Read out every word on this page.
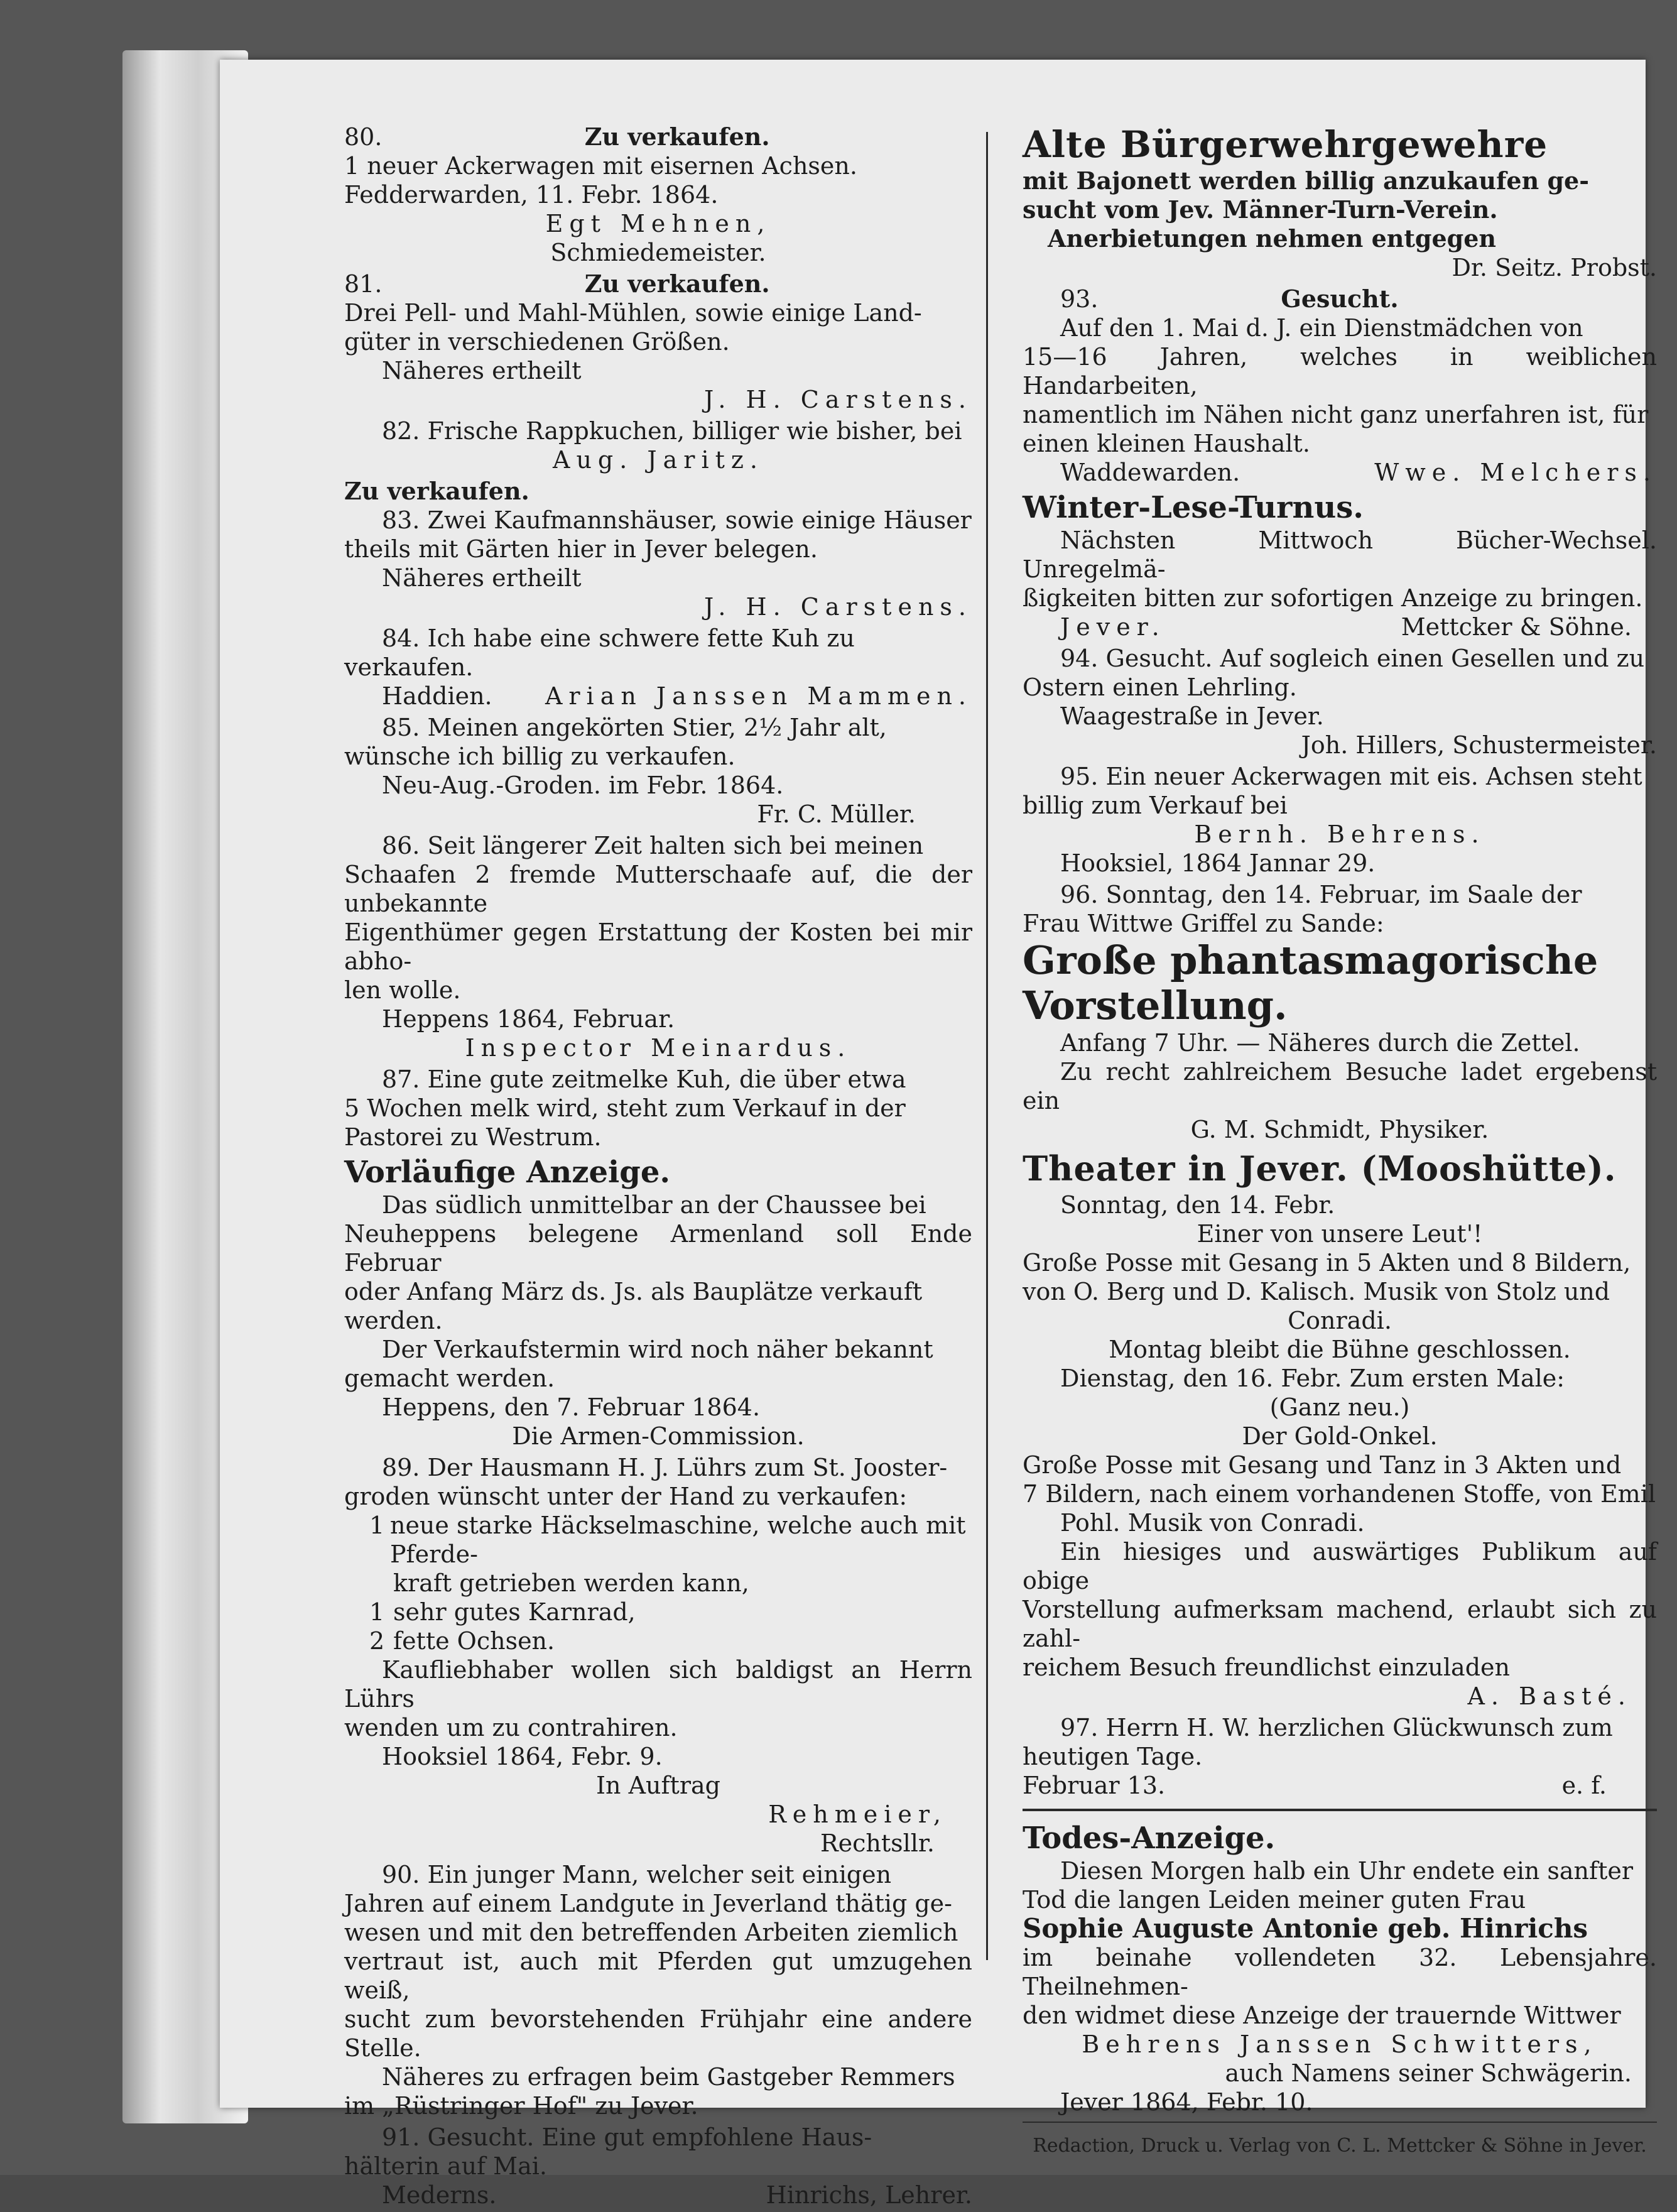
80.	Zu verkaufen.
1 neuer Ackerwagen mit eisernen Achsen.
Fedderwarden, 11. Febr. 1864.
Egt Mehnen,
Schmiedemeister.
81.	Zu verkaufen.
Drei Pell- und Mahl-Mühlen, sowie einige Land-
güter in verschiedenen Größen.
Näheres ertheilt
J. H. Carstens.
82. Frische Rappkuchen, billiger wie bisher, bei
Aug. Jaritz.
Zu verkaufen.
83. Zwei Kaufmannshäuser, sowie einige Häuser
theils mit Gärten hier in Jever belegen.
Näheres ertheilt
J. H. Carstens.
84. Ich habe eine schwere fette Kuh zu
verkaufen.
Haddien. Arian Janssen Mammen.
85. Meinen angekörten Stier, 2½ Jahr alt,
wünsche ich billig zu verkaufen.
Neu-Aug.-Groden. im Febr. 1864.
Fr. C. Müller.
86. Seit längerer Zeit halten sich bei meinen
Schaafen 2 fremde Mutterschaafe auf, die der unbekannte
Eigenthümer gegen Erstattung der Kosten bei mir abho-
len wolle.
Heppens 1864, Februar.
Inspector Meinardus.
87. Eine gute zeitmelke Kuh, die über etwa
5 Wochen melk wird, steht zum Verkauf in der
Pastorei zu Westrum.
Vorläufige Anzeige.
Das südlich unmittelbar an der Chaussee bei
Neuheppens belegene Armenland soll Ende Februar
oder Anfang März ds. Js. als Bauplätze verkauft
werden.
Der Verkaufstermin wird noch näher bekannt
gemacht werden.
Heppens, den 7. Februar 1864.
Die Armen-Commission.
89. Der Hausmann H. J. Lührs zum St. Jooster-
groden wünscht unter der Hand zu verkaufen:
1 neue starke Häckselmaschine, welche auch mit Pferde-
kraft getrieben werden kann,
1 sehr gutes Karnrad,
2 fette Ochsen.
Kaufliebhaber wollen sich baldigst an Herrn Lührs
wenden um zu contrahiren.
Hooksiel 1864, Febr. 9.
In Auftrag
Rehmeier,
Rechtsllr.
90. Ein junger Mann, welcher seit einigen
Jahren auf einem Landgute in Jeverland thätig ge-
wesen und mit den betreffenden Arbeiten ziemlich
vertraut ist, auch mit Pferden gut umzugehen weiß,
sucht zum bevorstehenden Frühjahr eine andere Stelle.
Näheres zu erfragen beim Gastgeber Remmers
im „Rüstringer Hof" zu Jever.
91. Gesucht. Eine gut empfohlene Haus-
hälterin auf Mai.
Mederns.	Hinrichs, Lehrer.
Alte Bürgerwehrgewehre
mit Bajonett werden billig anzukaufen ge-
sucht vom Jev. Männer-Turn-Verein.
Anerbietungen nehmen entgegen
Dr. Seitz. Probst.
93.	Gesucht.
Auf den 1. Mai d. J. ein Dienstmädchen von
15—16 Jahren, welches in weiblichen Handarbeiten,
namentlich im Nähen nicht ganz unerfahren ist, für
einen kleinen Haushalt.
Waddewarden.	Wwe. Melchers.
Winter-Lese-Turnus.
Nächsten Mittwoch Bücher-Wechsel. Unregelmä-
ßigkeiten bitten zur sofortigen Anzeige zu bringen.
Jever.	Mettcker & Söhne.
94. Gesucht. Auf sogleich einen Gesellen und zu
Ostern einen Lehrling.
Waagestraße in Jever.
Joh. Hillers, Schustermeister.
95. Ein neuer Ackerwagen mit eis. Achsen steht
billig zum Verkauf bei
Bernh. Behrens.
Hooksiel, 1864 Jannar 29.
96. Sonntag, den 14. Februar, im Saale der
Frau Wittwe Griffel zu Sande:
Große phantasmagorische
Vorstellung.
Anfang 7 Uhr. — Näheres durch die Zettel.
Zu recht zahlreichem Besuche ladet ergebenst ein
G. M. Schmidt, Physiker.
Theater in Jever. (Mooshütte).
Sonntag, den 14. Febr.
Einer von unsere Leut'!
Große Posse mit Gesang in 5 Akten und 8 Bildern,
von O. Berg und D. Kalisch. Musik von Stolz und
Conradi.
Montag bleibt die Bühne geschlossen.
Dienstag, den 16. Febr. Zum ersten Male:
(Ganz neu.)
Der Gold-Onkel.
Große Posse mit Gesang und Tanz in 3 Akten und
7 Bildern, nach einem vorhandenen Stoffe, von Emil
Pohl. Musik von Conradi.
Ein hiesiges und auswärtiges Publikum auf obige
Vorstellung aufmerksam machend, erlaubt sich zu zahl-
reichem Besuch freundlichst einzuladen
A. Basté.
97. Herrn H. W. herzlichen Glückwunsch zum
heutigen Tage.
Februar 13.	e. f.
Todes-Anzeige.
Diesen Morgen halb ein Uhr endete ein sanfter
Tod die langen Leiden meiner guten Frau
Sophie Auguste Antonie geb. Hinrichs
im beinahe vollendeten 32. Lebensjahre. Theilnehmen-
den widmet diese Anzeige der trauernde Wittwer
Behrens Janssen Schwitters,
auch Namens seiner Schwägerin.
Jever 1864, Febr. 10.
Redaction, Druck u. Verlag von C. L. Mettcker & Söhne in Jever.
